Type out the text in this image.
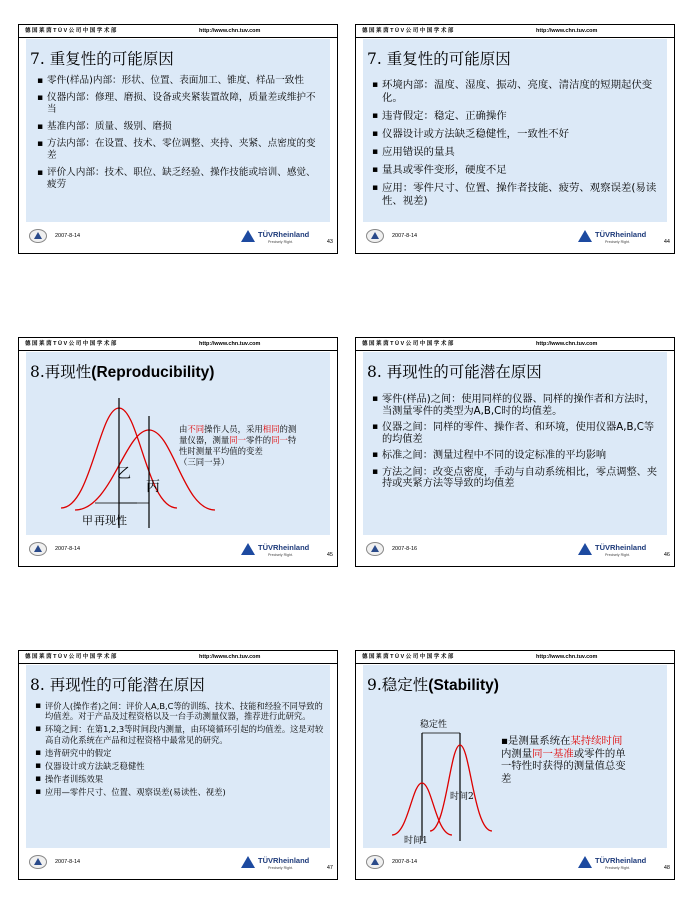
德 国 莱 茵 T Ü V 公 司 中 国 学 术 部	http://www.chn.tuv.com
7. 重复性的可能原因
▪ 零件(样品)内部：形状、位置、表面加工、锥度、样品一致性
▪ 仪器内部：修理、磨损、设备或夹紧装置故障，质量差或维护不当
▪ 基准内部：质量、级别、磨损
▪ 方法内部：在设置、技术、零位调整、夹持、夹紧、点密度的变差
▪ 评价人内部：技术、职位、缺乏经验、操作技能或培训、感觉、疲劳
2007-8-14	TÜVRheinland
Precisely Right.	43
德 国 莱 茵 T Ü V 公 司 中 国 学 术 部	http://www.chn.tuv.com
7. 重复性的可能原因
▪ 环境内部：温度、湿度、振动、亮度、清洁度的短期起伏变化。
▪ 违背假定：稳定、正确操作
▪ 仪器设计或方法缺乏稳健性，一致性不好
▪ 应用错误的量具
▪ 量具或零件变形，硬度不足
▪ 应用：零件尺寸、位置、操作者技能、疲劳、观察误差(易读性、视差)
2007-8-14	TÜVRheinland
Precisely Right.	44
德 国 莱 茵 T Ü V 公 司 中 国 学 术 部	http://www.chn.tuv.com
8.再现性(Reproducibility)
乙
丙
甲 再现性
由不同操作人员，采用相同的测量仪器，测量同一零件的同一特性时测量平均值的变差
（三同一异）
2007-8-14	TÜVRheinland
Precisely Right.	45
德 国 莱 茵 T Ü V 公 司 中 国 学 术 部	http://www.chn.tuv.com
8. 再现性的可能潜在原因
▪ 零件(样品)之间：使用同样的仪器、同样的操作者和方法时，当测量零件的类型为A,B,C时的均值差。
▪ 仪器之间：同样的零件、操作者、和环境，使用仪器A,B,C等的均值差
▪ 标准之间：测量过程中不同的设定标准的平均影响
▪ 方法之间：改变点密度，手动与自动系统相比，零点调整、夹持或夹紧方法等导致的均值差
2007-8-16	TÜVRheinland
Precisely Right.	46
德 国 莱 茵 T Ü V 公 司 中 国 学 术 部	http://www.chn.tuv.com
8. 再现性的可能潜在原因
▪ 评价人(操作者)之间：评价人A,B,C等的训练、技术、技能和经验不同导致的均值差。对于产品及过程资格以及一台手动测量仪器，推荐进行此研究。
▪ 环境之间：在第1,2,3等时间段内测量，由环境循环引起的均值差。这是对较高自动化系统在产品和过程资格中最常见的研究。
▪ 违背研究中的假定
▪ 仪器设计或方法缺乏稳健性
▪ 操作者训练效果
▪ 应用—零件尺寸、位置、观察误差(易读性、视差)
2007-8-14	TÜVRheinland
Precisely Right.	47
德 国 莱 茵 T Ü V 公 司 中 国 学 术 部	http://www.chn.tuv.com
9.稳定性(Stability)
稳定性
时间2
时间1
▪是测量系统在某持续时间内测量同一基准或零件的单一特性时获得的测量值总变差
2007-8-14	TÜVRheinland
Precisely Right.	48
